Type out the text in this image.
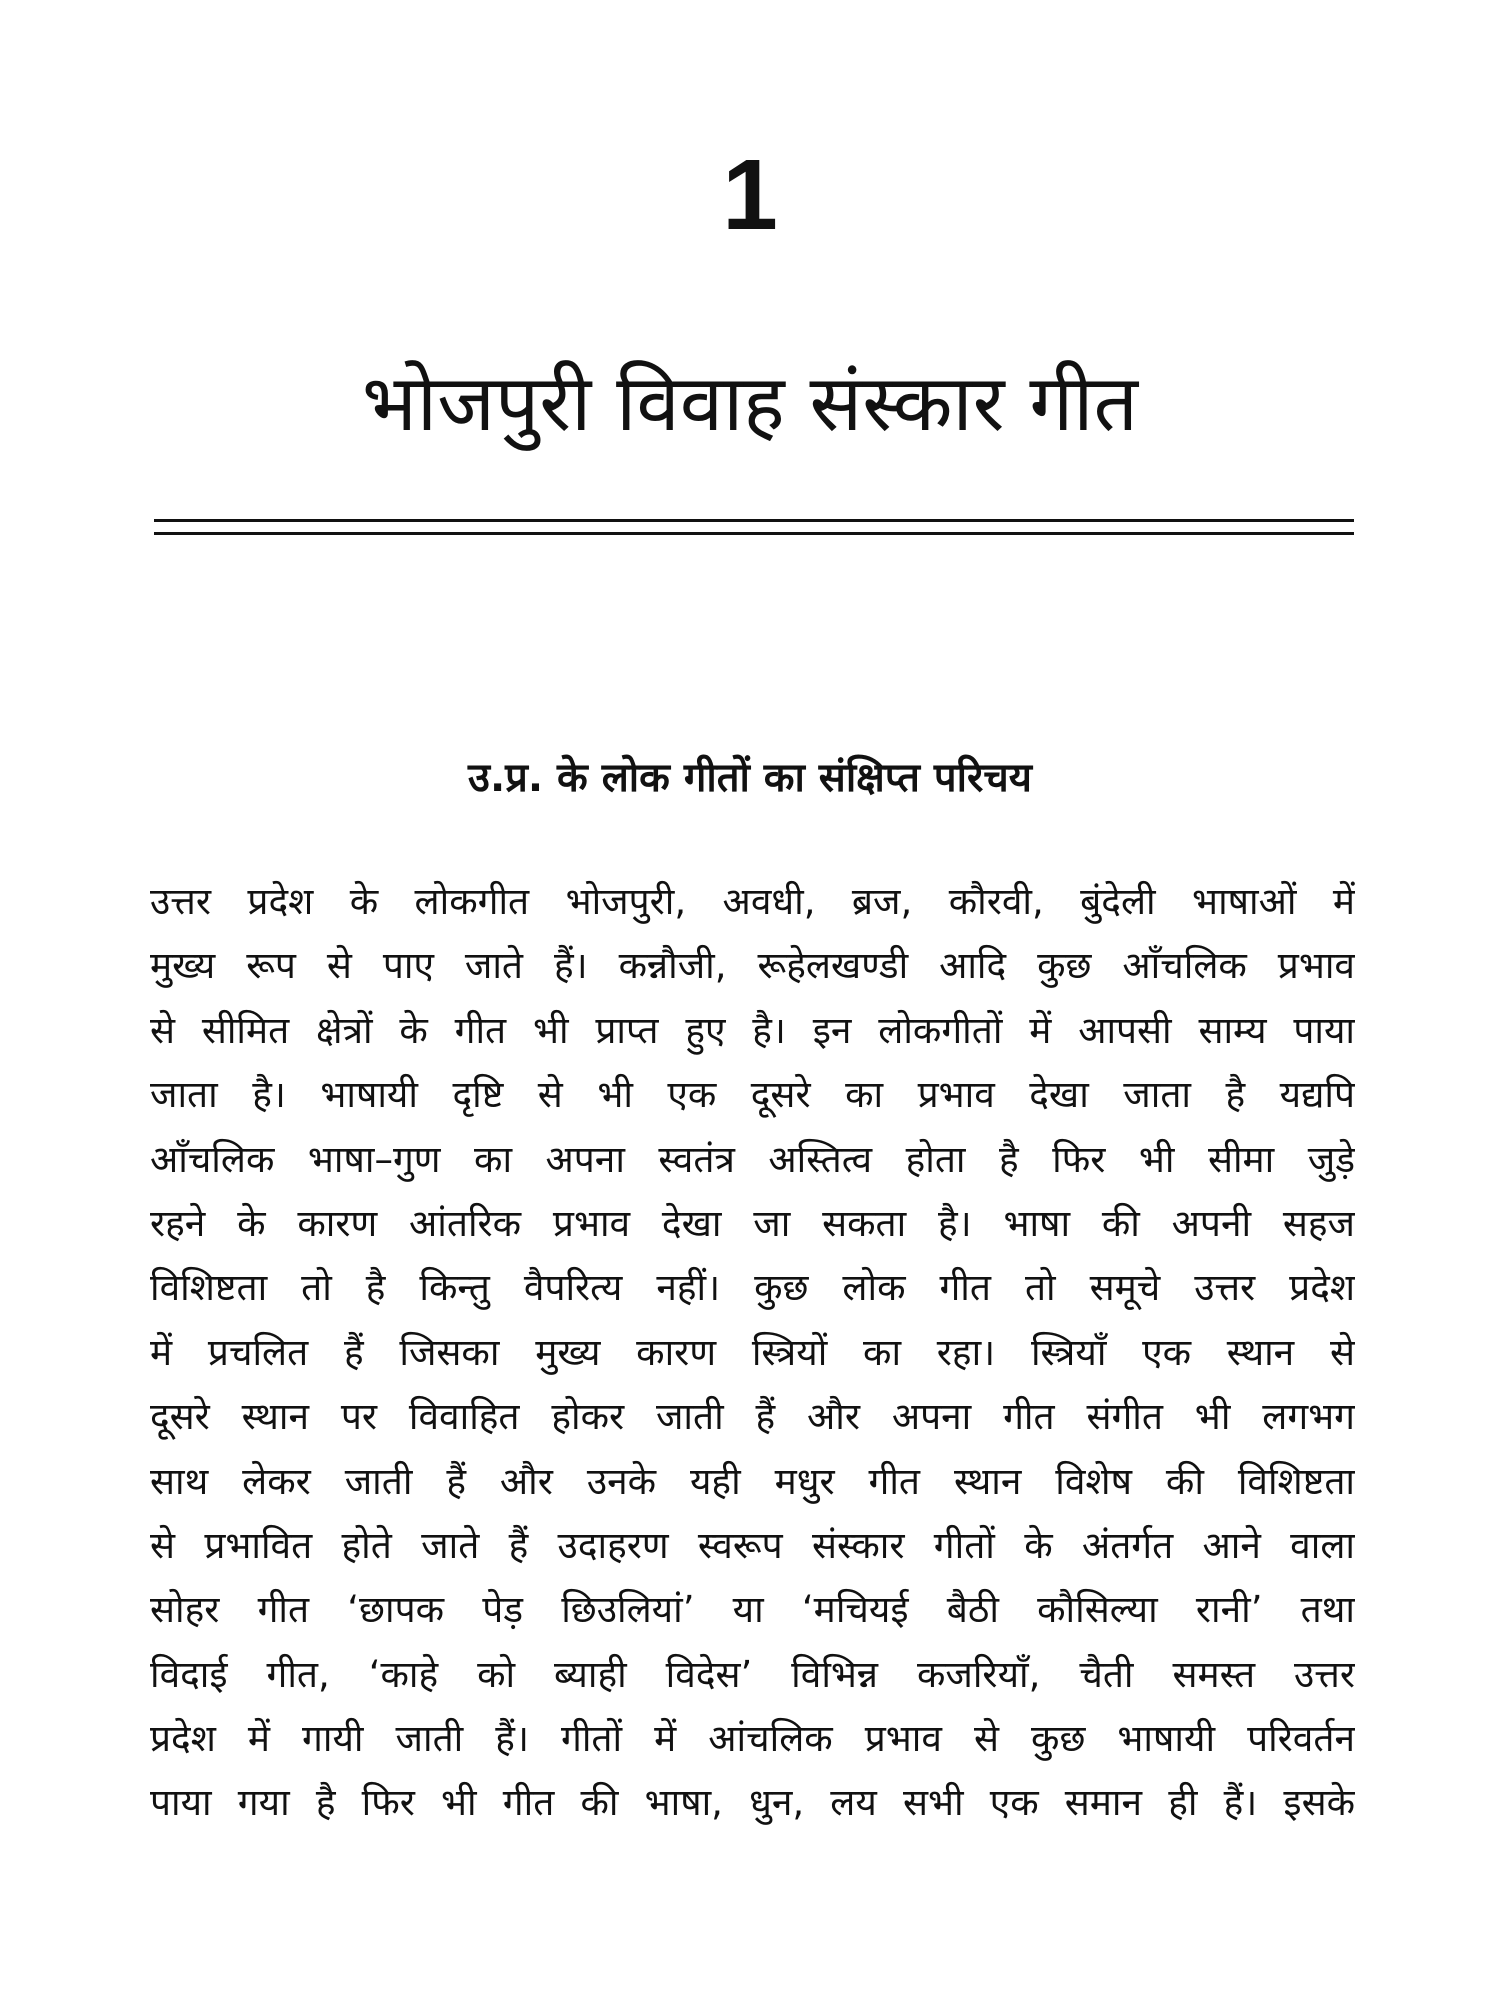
1
भोजपुरी विवाह संस्कार गीत
उ.प्र. के लोक गीतों का संक्षिप्त परिचय
उत्तर प्रदेश के लोकगीत भोजपुरी, अवधी, ब्रज, कौरवी, बुंदेली भाषाओं में
मुख्य रूप से पाए जाते हैं। कन्नौजी, रूहेलखण्डी आदि कुछ आँचलिक प्रभाव
से सीमित क्षेत्रों के गीत भी प्राप्त हुए है। इन लोकगीतों में आपसी साम्य पाया
जाता है। भाषायी दृष्टि से भी एक दूसरे का प्रभाव देखा जाता है यद्यपि
आँचलिक भाषा–गुण का अपना स्वतंत्र अस्तित्व होता है फिर भी सीमा जुड़े
रहने के कारण आंतरिक प्रभाव देखा जा सकता है। भाषा की अपनी सहज
विशिष्टता तो है किन्तु वैपरित्य नहीं। कुछ लोक गीत तो समूचे उत्तर प्रदेश
में प्रचलित हैं जिसका मुख्य कारण स्त्रियों का रहा। स्त्रियाँ एक स्थान से
दूसरे स्थान पर विवाहित होकर जाती हैं और अपना गीत संगीत भी लगभग
साथ लेकर जाती हैं और उनके यही मधुर गीत स्थान विशेष की विशिष्टता
से प्रभावित होते जाते हैं उदाहरण स्वरूप संस्कार गीतों के अंतर्गत आने वाला
सोहर गीत ‘छापक पेड़ छिउलियां’ या ‘मचियई बैठी कौसिल्या रानी’ तथा
विदाई गीत, ‘काहे को ब्याही विदेस’ विभिन्न कजरियाँ, चैती समस्त उत्तर
प्रदेश में गायी जाती हैं। गीतों में आंचलिक प्रभाव से कुछ भाषायी परिवर्तन
पाया गया है फिर भी गीत की भाषा, धुन, लय सभी एक समान ही हैं। इसके
